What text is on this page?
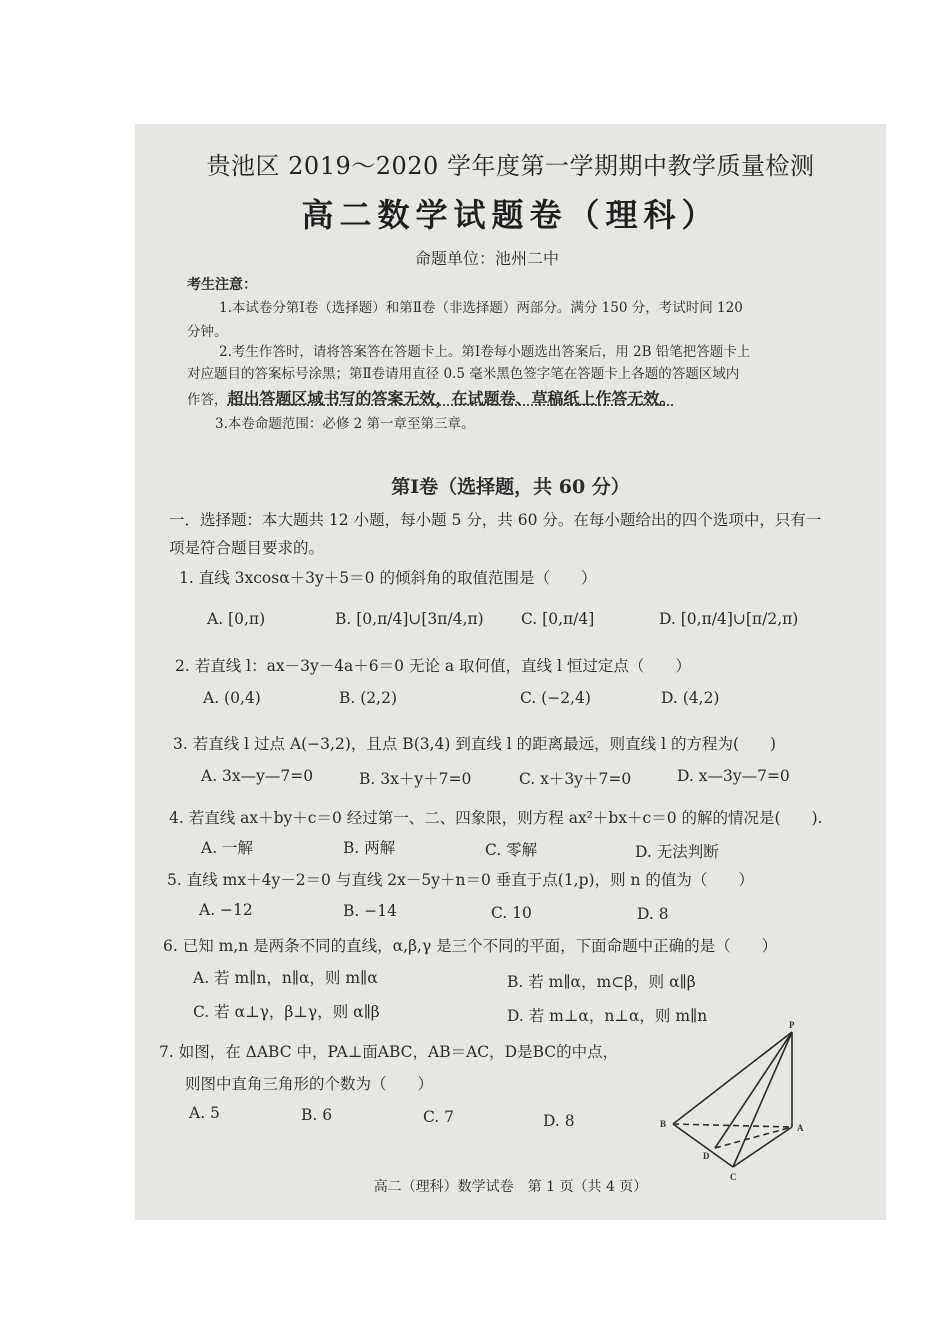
贵池区 2019～2020 学年度第一学期期中教学质量检测
高二数学试题卷（理科）
命题单位：池州二中
考生注意：
1.本试卷分第Ⅰ卷（选择题）和第Ⅱ卷（非选择题）两部分。满分 150 分，考试时间 120
分钟。
2.考生作答时，请将答案答在答题卡上。第Ⅰ卷每小题选出答案后，用 2B 铅笔把答题卡上
对应题目的答案标号涂黑；第Ⅱ卷请用直径 0.5 毫米黑色签字笔在答题卡上各题的答题区域内
作答，超出答题区域书写的答案无效，在试题卷、草稿纸上作答无效。
3.本卷命题范围：必修 2 第一章至第三章。
第Ⅰ卷（选择题，共 60 分）
一．选择题：本大题共 12 小题，每小题 5 分，共 60 分。在每小题给出的四个选项中，只有一
项是符合题目要求的。
1. 直线 3xcosα＋3y＋5＝0 的倾斜角的取值范围是（　　）
A. [0,π)	B. [0,π/4]∪[3π/4,π) C. [0,π/4]	D. [0,π/4]∪[π/2,π)
2. 若直线 l：ax－3y－4a＋6＝0 无论 a 取何值，直线 l 恒过定点（　　）
A. (0,4)	B. (2,2)	C. (−2,4)	D. (4,2)
3. 若直线 l 过点 A(−3,2)，且点 B(3,4) 到直线 l 的距离最远，则直线 l 的方程为(　　)
A. 3x—y—7=0	B. 3x＋y＋7=0	C. x＋3y＋7=0	D. x—3y—7=0
4. 若直线 ax＋by＋c＝0 经过第一、二、四象限，则方程 ax²＋bx＋c＝0 的解的情况是(　　).
A. 一解	B. 两解	C. 零解	D. 无法判断
5. 直线 mx＋4y－2＝0 与直线 2x－5y＋n＝0 垂直于点(1,p)，则 n 的值为（　　）
A. −12	B. −14	C. 10	D. 8
6. 已知 m,n 是两条不同的直线，α,β,γ 是三个不同的平面，下面命题中正确的是（　　）
A. 若 m∥n，n∥α，则 m∥α	B. 若 m∥α，m⊂β，则 α∥β
C. 若 α⊥γ，β⊥γ，则 α∥β	D. 若 m⊥α，n⊥α，则 m∥n
7. 如图，在 ΔABC 中，PA⊥面ABC，AB＝AC，D是BC的中点，
则图中直角三角形的个数为（　　）
A. 5	B. 6	C. 7	D. 8
P
B	A
D
C
高二（理科）数学试卷　第 1 页（共 4 页）
